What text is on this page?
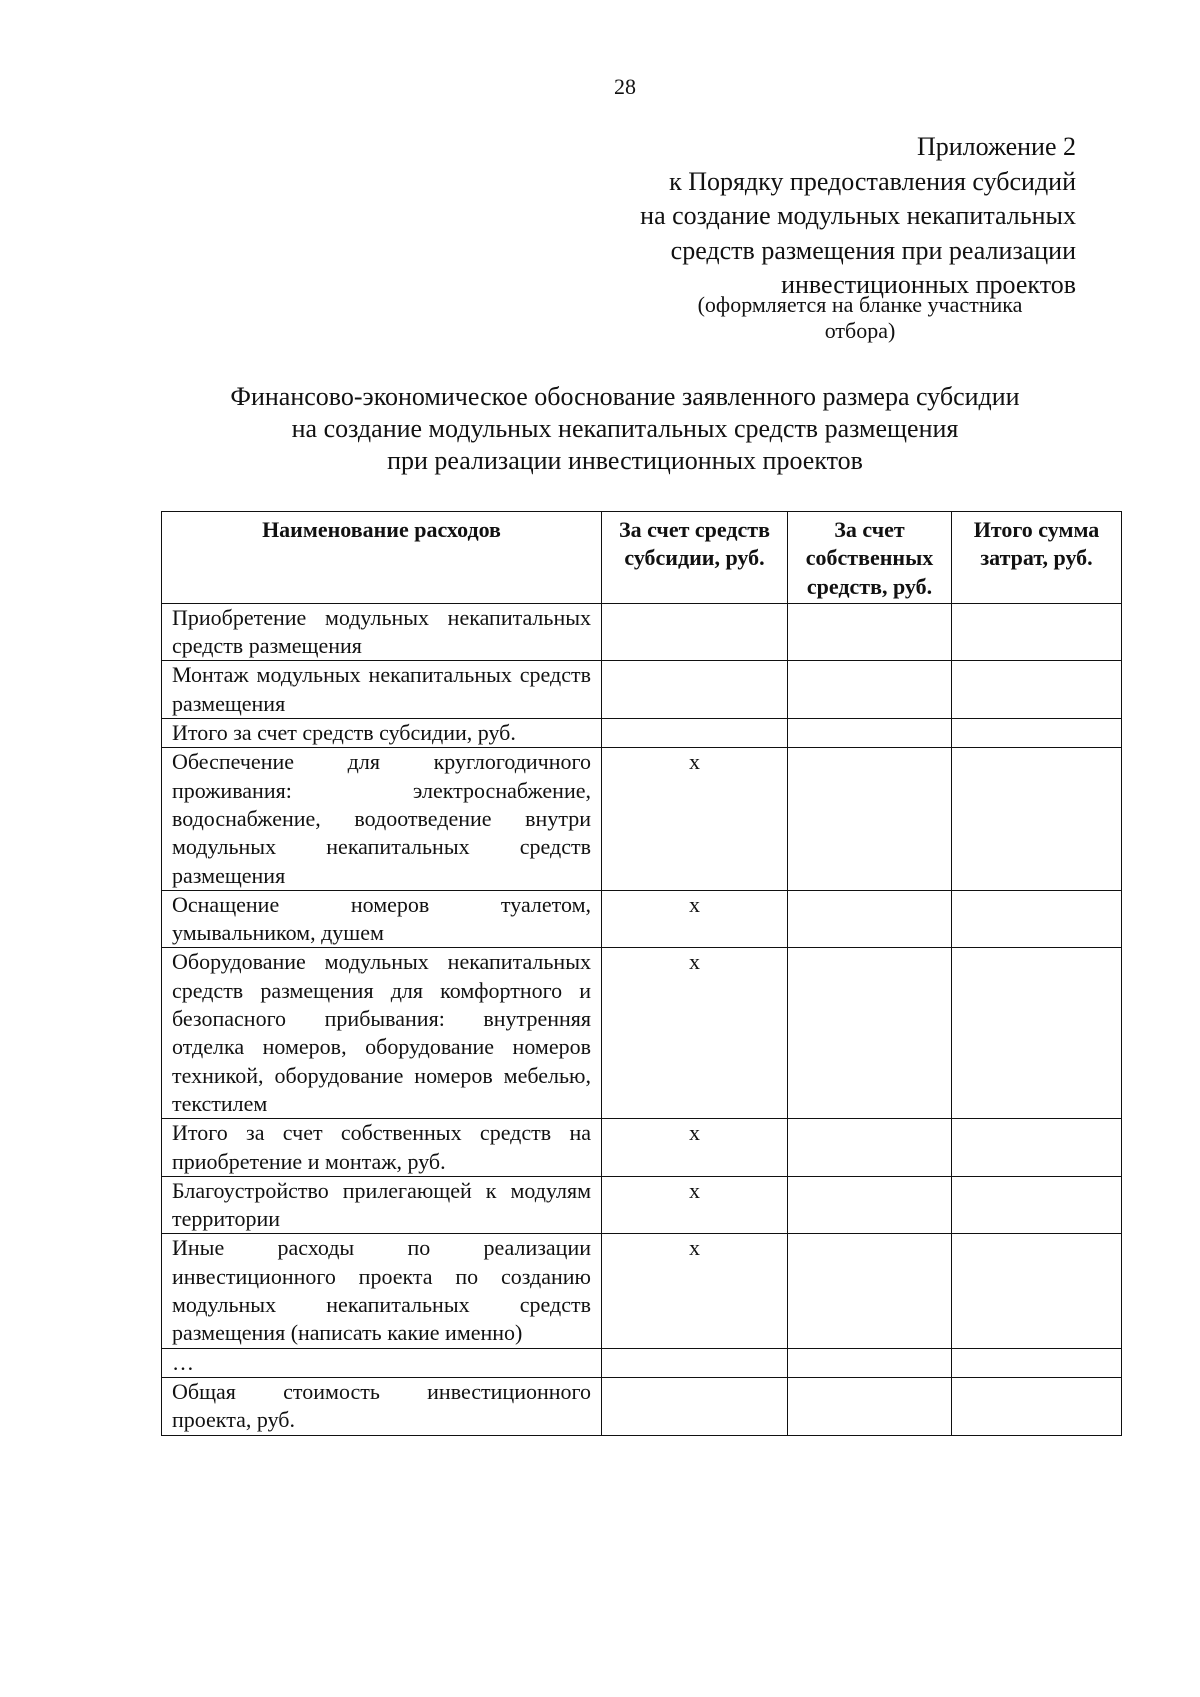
28
Приложение 2
к Порядку предоставления субсидий
на создание модульных некапитальных
средств размещения при реализации
инвестиционных проектов
(оформляется на бланке участника
отбора)
Финансово-экономическое обоснование заявленного размера субсидии
на создание модульных некапитальных средств размещения
при реализации инвестиционных проектов
Наименование расходов	За счет средств субсидии, руб.	За счет собственных средств, руб.	Итого сумма затрат, руб.
Приобретение модульных некапитальных средств размещения			
Монтаж модульных некапитальных средств размещения			
Итого за счет средств субсидии, руб.			
Обеспечение для круглогодичного проживания: электроснабжение, водоснабжение, водоотведение внутри модульных некапитальных средств размещения	х		
Оснащение номеров туалетом, умывальником, душем	х		
Оборудование модульных некапитальных средств размещения для комфортного и безопасного прибывания: внутренняя отделка номеров, оборудование номеров техникой, оборудование номеров мебелью, текстилем	х		
Итого за счет собственных средств на приобретение и монтаж, руб.	х		
Благоустройство прилегающей к модулям территории	х		
Иные расходы по реализации инвестиционного проекта по созданию модульных некапитальных средств размещения (написать какие именно)	х		
…			
Общая стоимость инвестиционного проекта, руб.			
